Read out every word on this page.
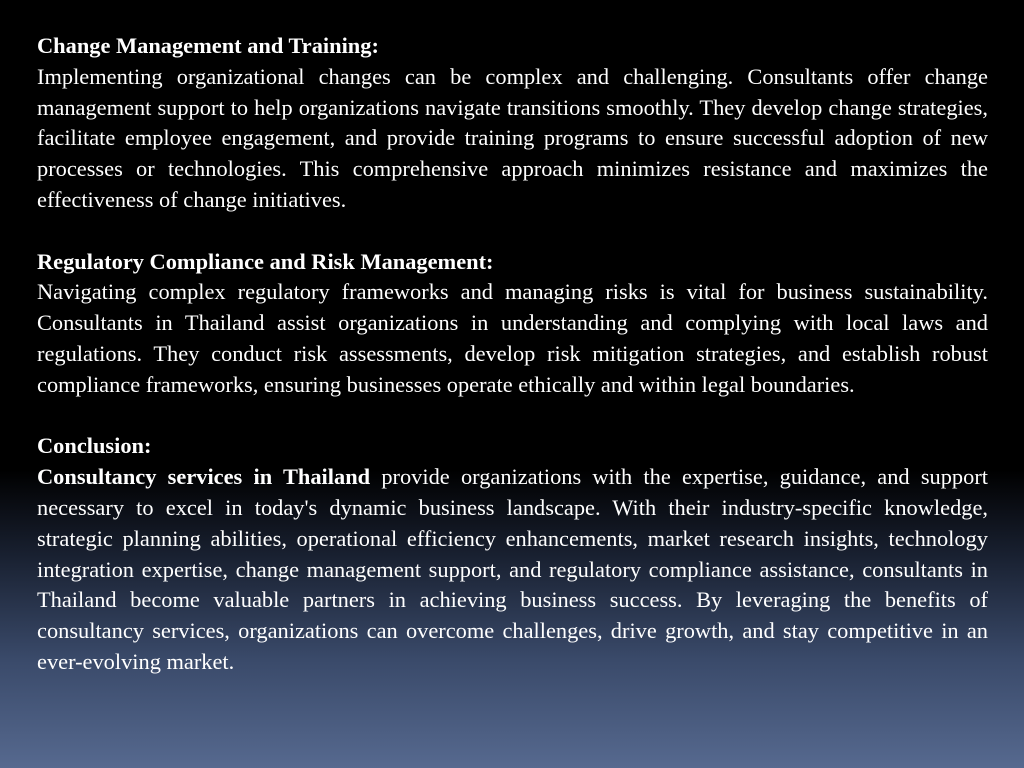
Change Management and Training:
Implementing organizational changes can be complex and challenging. Consultants offer change management support to help organizations navigate transitions smoothly. They develop change strategies, facilitate employee engagement, and provide training programs to ensure successful adoption of new processes or technologies. This comprehensive approach minimizes resistance and maximizes the effectiveness of change initiatives.
Regulatory Compliance and Risk Management:
Navigating complex regulatory frameworks and managing risks is vital for business sustainability. Consultants in Thailand assist organizations in understanding and complying with local laws and regulations. They conduct risk assessments, develop risk mitigation strategies, and establish robust compliance frameworks, ensuring businesses operate ethically and within legal boundaries.
Conclusion:
Consultancy services in Thailand provide organizations with the expertise, guidance, and support necessary to excel in today's dynamic business landscape. With their industry-specific knowledge, strategic planning abilities, operational efficiency enhancements, market research insights, technology integration expertise, change management support, and regulatory compliance assistance, consultants in Thailand become valuable partners in achieving business success. By leveraging the benefits of consultancy services, organizations can overcome challenges, drive growth, and stay competitive in an ever-evolving market.
